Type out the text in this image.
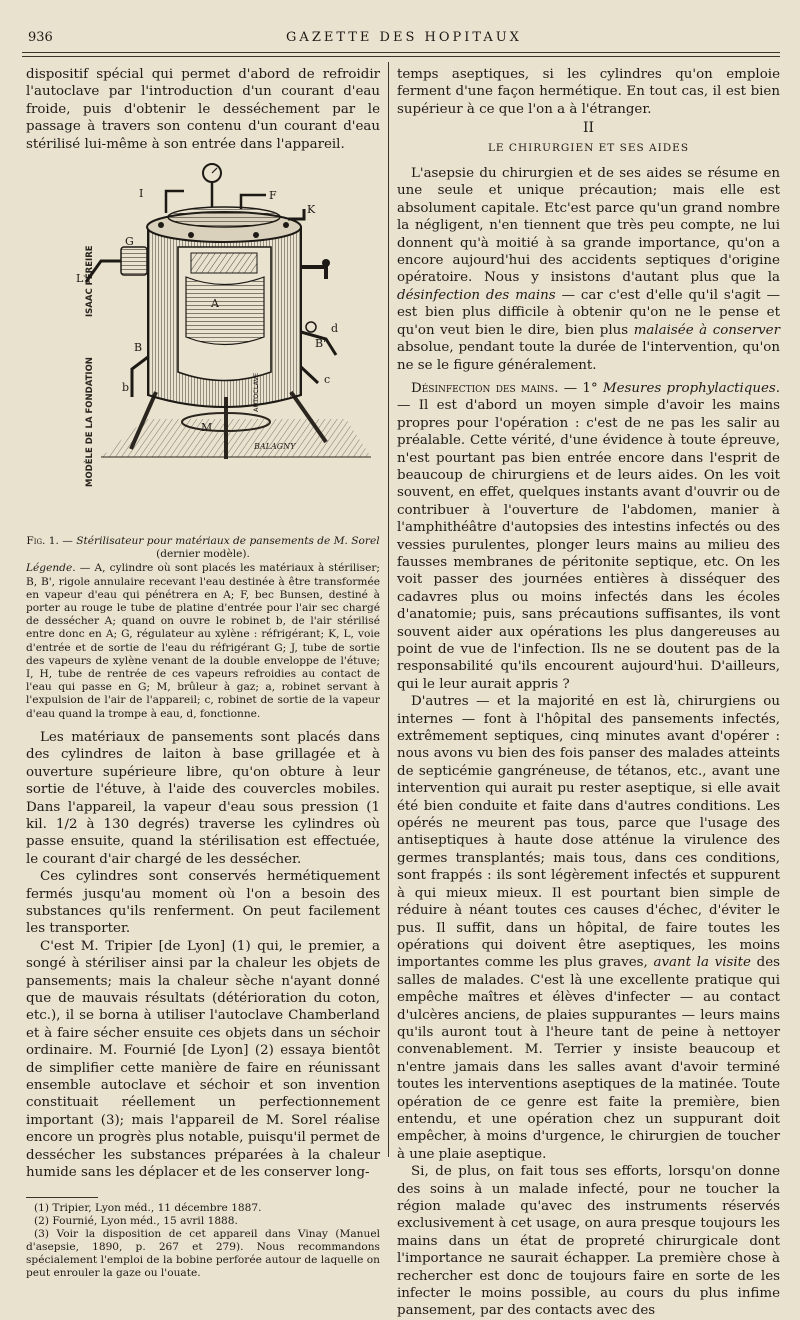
936	GAZETTE DES HOPITAUX

dispositif spécial qui permet d'abord de refroidir l'autoclave par l'introduction d'un courant d'eau froide, puis d'obtenir le desséchement par le passage à travers son contenu d'un courant d'eau stérilisé lui-même à son entrée dans l'appareil.

MODÈLE DE LA FONDATION
ISAAC PÉREIRE
AUTOCLAVE
I	F
K
G
L
A
d
B'
c
B
b
M
BALAGNY

Fig. 1. — Stérilisateur pour matériaux de pansements de M. Sorel

(dernier modèle).

Légende. — A, cylindre où sont placés les matériaux à stériliser; B, B', rigole annulaire recevant l'eau destinée à être transformée en vapeur d'eau qui pénétrera en A; F, bec Bunsen, destiné à porter au rouge le tube de platine d'entrée pour l'air sec chargé de dessécher A; quand on ouvre le robinet b, de l'air stérilisé entre donc en A; G, régulateur au xylène : réfrigérant; K, L, voie d'entrée et de sortie de l'eau du réfrigérant G; J, tube de sortie des vapeurs de xylène venant de la double enveloppe de l'étuve; I, H, tube de rentrée de ces vapeurs refroidies au contact de l'eau qui passe en G; M, brûleur à gaz; a, robinet servant à l'expulsion de l'air de l'appareil; c, robinet de sortie de la vapeur d'eau quand la trompe à eau, d, fonctionne.

Les matériaux de pansements sont placés dans des cylindres de laiton à base grillagée et à ouverture supérieure libre, qu'on obture à leur sortie de l'étuve, à l'aide des couvercles mobiles. Dans l'appareil, la vapeur d'eau sous pression (1 kil. 1/2 à 130 degrés) traverse les cylindres où passe ensuite, quand la stérilisation est effectuée, le courant d'air chargé de les dessécher.

Ces cylindres sont conservés hermétiquement fermés jusqu'au moment où l'on a besoin des substances qu'ils renferment. On peut facilement les transporter.

C'est M. Tripier [de Lyon] (1) qui, le premier, a songé à stériliser ainsi par la chaleur les objets de pansements; mais la chaleur sèche n'ayant donné que de mauvais résultats (détérioration du coton, etc.), il se borna à utiliser l'autoclave Chamberland et à faire sécher ensuite ces objets dans un séchoir ordinaire. M. Fournié [de Lyon] (2) essaya bientôt de simplifier cette manière de faire en réunissant ensemble autoclave et séchoir et son invention constituait réellement un perfectionnement important (3); mais l'appareil de M. Sorel réalise encore un progrès plus notable, puisqu'il permet de dessécher les substances préparées à la chaleur humide sans les déplacer et de les conserver long-

(1) Tripier, Lyon méd., 11 décembre 1887.

(2) Fournié, Lyon méd., 15 avril 1888.

(3) Voir la disposition de cet appareil dans Vinay (Manuel d'asepsie, 1890, p. 267 et 279). Nous recommandons spécialement l'emploi de la bobine perforée autour de laquelle on peut enrouler la gaze ou l'ouate.

temps aseptiques, si les cylindres qu'on emploie ferment d'une façon hermétique. En tout cas, il est bien supérieur à ce que l'on a à l'étranger.

II

LE CHIRURGIEN ET SES AIDES

L'asepsie du chirurgien et de ses aides se résume en une seule et unique précaution; mais elle est absolument capitale. Etc'est parce qu'un grand nombre la négligent, n'en tiennent que très peu compte, ne lui donnent qu'à moitié à sa grande importance, qu'on a encore aujourd'hui des accidents septiques d'origine opératoire. Nous y insistons d'autant plus que la désinfection des mains — car c'est d'elle qu'il s'agit — est bien plus difficile à obtenir qu'on ne le pense et qu'on veut bien le dire, bien plus malaisée à conserver absolue, pendant toute la durée de l'intervention, qu'on ne se le figure généralement.

Désinfection des mains. — 1° Mesures prophylactiques. — Il est d'abord un moyen simple d'avoir les mains propres pour l'opération : c'est de ne pas les salir au préalable. Cette vérité, d'une évidence à toute épreuve, n'est pourtant pas bien entrée encore dans l'esprit de beaucoup de chirurgiens et de leurs aides. On les voit souvent, en effet, quelques instants avant d'ouvrir ou de contribuer à l'ouverture de l'abdomen, manier à l'amphithéâtre d'autopsies des intestins infectés ou des vessies purulentes, plonger leurs mains au milieu des fausses membranes de péritonite septique, etc. On les voit passer des journées entières à disséquer des cadavres plus ou moins infectés dans les écoles d'anatomie; puis, sans précautions suffisantes, ils vont souvent aider aux opérations les plus dangereuses au point de vue de l'infection. Ils ne se doutent pas de la responsabilité qu'ils encourent aujourd'hui. D'ailleurs, qui le leur aurait appris ?

D'autres — et la majorité en est là, chirurgiens ou internes — font à l'hôpital des pansements infectés, extrêmement septiques, cinq minutes avant d'opérer : nous avons vu bien des fois panser des malades atteints de septicémie gangréneuse, de tétanos, etc., avant une intervention qui aurait pu rester aseptique, si elle avait été bien conduite et faite dans d'autres conditions. Les opérés ne meurent pas tous, parce que l'usage des antiseptiques à haute dose atténue la virulence des germes transplantés; mais tous, dans ces conditions, sont frappés : ils sont légèrement infectés et suppurent à qui mieux mieux. Il est pourtant bien simple de réduire à néant toutes ces causes d'échec, d'éviter le pus. Il suffit, dans un hôpital, de faire toutes les opérations qui doivent être aseptiques, les moins importantes comme les plus graves, avant la visite des salles de malades. C'est là une excellente pratique qui empêche maîtres et élèves d'infecter — au contact d'ulcères anciens, de plaies suppurantes — leurs mains qu'ils auront tout à l'heure tant de peine à nettoyer convenablement. M. Terrier y insiste beaucoup et n'entre jamais dans les salles avant d'avoir terminé toutes les interventions aseptiques de la matinée. Toute opération de ce genre est faite la première, bien entendu, et une opération chez un suppurant doit empêcher, à moins d'urgence, le chirurgien de toucher à une plaie aseptique.

Si, de plus, on fait tous ses efforts, lorsqu'on donne des soins à un malade infecté, pour ne toucher la région malade qu'avec des instruments réservés exclusivement à cet usage, on aura presque toujours les mains dans un état de propreté chirurgicale dont l'importance ne saurait échapper. La première chose à rechercher est donc de toujours faire en sorte de les infecter le moins possible, au cours du plus infime pansement, par des contacts avec des
